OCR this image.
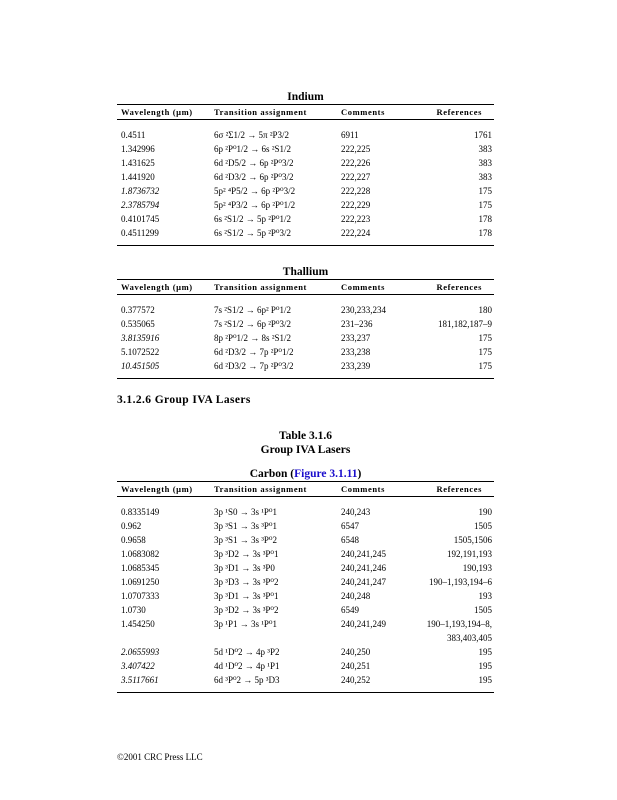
Indium
Wavelength (µm)	Transition assignment	Comments	References
0.4511	6σ ²Σ1/2 → 5π ²P3/2	6911	1761
1.342996	6p ²P⁰1/2 → 6s ²S1/2	222,225	383
1.431625	6d ²D5/2 → 6p ²P⁰3/2	222,226	383
1.441920	6d ²D3/2 → 6p ²P⁰3/2	222,227	383
1.8736732	5p² ⁴P5/2 → 6p ²P⁰3/2	222,228	175
2.3785794	5p² ⁴P3/2 → 6p ²P⁰1/2	222,229	175
0.4101745	6s ²S1/2 → 5p ²P⁰1/2	222,223	178
0.4511299	6s ²S1/2 → 5p ²P⁰3/2	222,224	178
Thallium
Wavelength (µm)	Transition assignment	Comments	References
0.377572	7s ²S1/2 → 6p² P⁰1/2	230,233,234	180
0.535065	7s ²S1/2 → 6p ²P⁰3/2	231–236	181,182,187–9
3.8135916	8p ²P⁰1/2 → 8s ²S1/2	233,237	175
5.1072522	6d ²D3/2 → 7p ²P⁰1/2	233,238	175
10.451505	6d ²D3/2 → 7p ²P⁰3/2	233,239	175
3.1.2.6 Group IVA Lasers
Table 3.1.6
Group IVA Lasers
Carbon (Figure 3.1.11)
Wavelength (µm)	Transition assignment	Comments	References
0.8335149	3p ¹S0 → 3s ¹P⁰1	240,243	190
0.962	3p ³S1 → 3s ³P⁰1	6547	1505
0.9658	3p ³S1 → 3s ³P⁰2	6548	1505,1506
1.0683082	3p ³D2 → 3s ³P⁰1	240,241,245	192,191,193
1.0685345	3p ³D1 → 3s ³P0	240,241,246	190,193
1.0691250	3p ³D3 → 3s ³P⁰2	240,241,247	190–1,193,194–6
1.0707333	3p ³D1 → 3s ³P⁰1	240,248	193
1.0730	3p ³D2 → 3s ³P⁰2	6549	1505
1.454250	3p ¹P1 → 3s ¹P⁰1	240,241,249	190–1,193,194–8,
383,403,405
2.0655993	5d ¹D⁰2 → 4p ³P2	240,250	195
3.407422	4d ¹D⁰2 → 4p ¹P1	240,251	195
3.5117661	6d ³P⁰2 → 5p ³D3	240,252	195
©2001 CRC Press LLC
